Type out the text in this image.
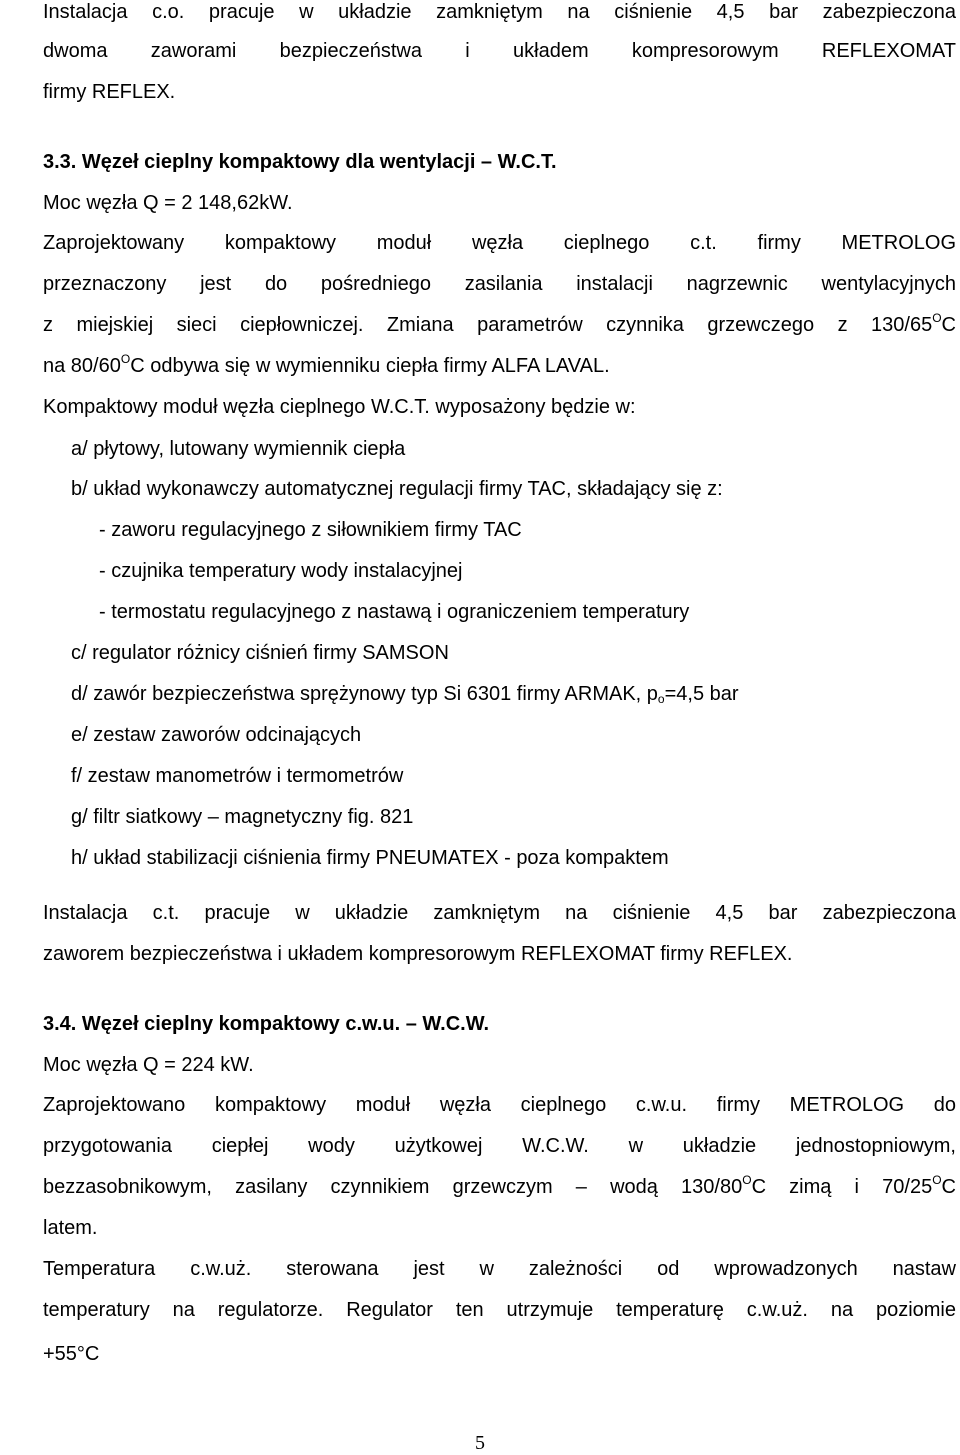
Instalacja c.o. pracuje w układzie zamkniętym na ciśnienie 4,5 bar zabezpieczona
dwoma zaworami bezpieczeństwa i układem kompresorowym REFLEXOMAT
firmy REFLEX.
3.3. Węzeł cieplny kompaktowy dla wentylacji – W.C.T.
Moc węzła Q = 2 148,62kW.
Zaprojektowany kompaktowy moduł węzła cieplnego c.t. firmy METROLOG
przeznaczony jest do pośredniego zasilania instalacji nagrzewnic wentylacyjnych
z miejskiej sieci ciepłowniczej. Zmiana parametrów czynnika grzewczego z $130/65^OC$
na $80/60^OC$ odbywa się w wymienniku ciepła firmy ALFA LAVAL.
Kompaktowy moduł węzła cieplnego W.C.T. wyposażony będzie w:
a/ płytowy, lutowany wymiennik ciepła
b/ układ wykonawczy automatycznej regulacji firmy TAC, składający się z:
- zaworu regulacyjnego z siłownikiem firmy TAC
- czujnika temperatury wody instalacyjnej
- termostatu regulacyjnego z nastawą i ograniczeniem temperatury
c/ regulator różnicy ciśnień firmy SAMSON
d/ zawór bezpieczeństwa sprężynowy typ Si 6301 firmy ARMAK, $p_o=4,5$ bar
e/ zestaw zaworów odcinających
f/ zestaw manometrów i termometrów
g/ filtr siatkowy – magnetyczny fig. 821
h/ układ stabilizacji ciśnienia firmy PNEUMATEX - poza kompaktem
Instalacja c.t. pracuje w układzie zamkniętym na ciśnienie 4,5 bar zabezpieczona
zaworem bezpieczeństwa i układem kompresorowym REFLEXOMAT firmy REFLEX.
3.4. Węzeł cieplny kompaktowy c.w.u. – W.C.W.
Moc węzła Q = 224 kW.
Zaprojektowano kompaktowy moduł węzła cieplnego c.w.u. firmy METROLOG do
przygotowania ciepłej wody użytkowej W.C.W. w układzie jednostopniowym,
bezzasobnikowym, zasilany czynnikiem grzewczym – wodą $130/80^OC$ zimą i $70/25^OC$
latem.
Temperatura c.w.uż. sterowana jest w zależności od wprowadzonych nastaw
temperatury na regulatorze. Regulator ten utrzymuje temperaturę c.w.uż. na poziomie
+55°C
5
